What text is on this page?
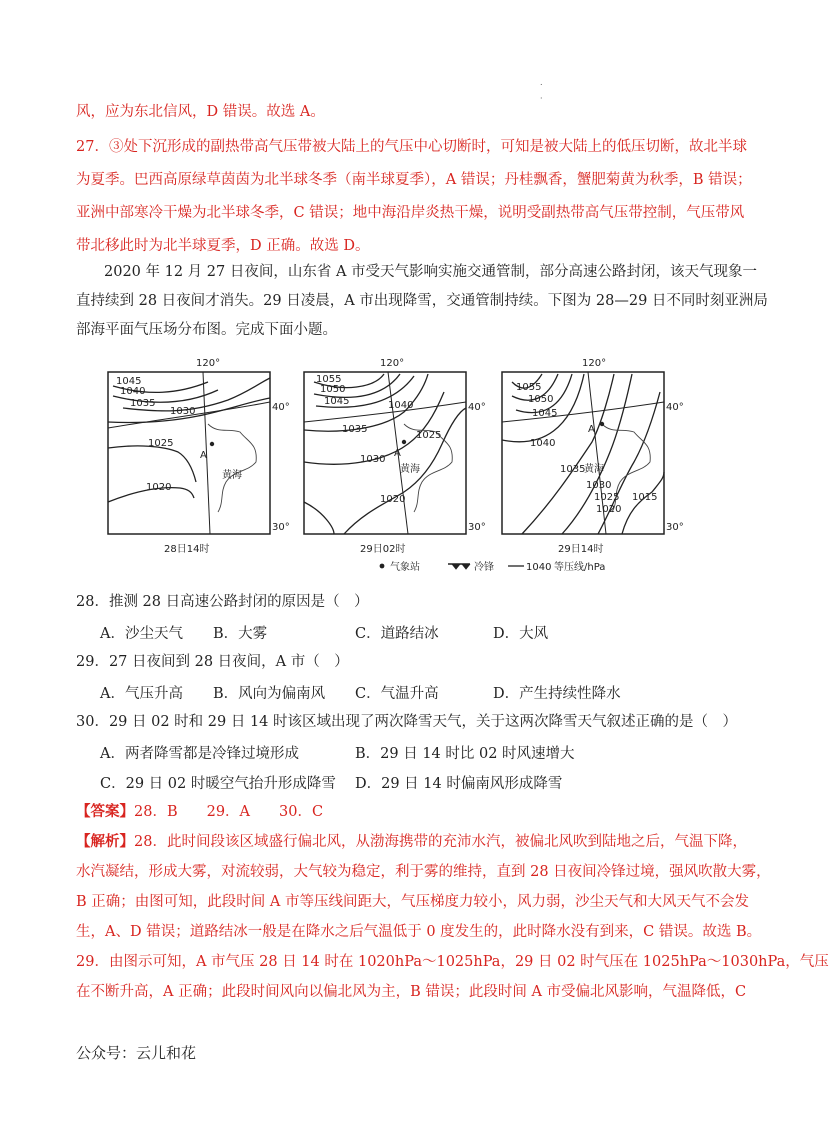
.
·
风，应为东北信风，D 错误。故选 A。
27．③处下沉形成的副热带高气压带被大陆上的气压中心切断时，可知是被大陆上的低压切断，故北半球
为夏季。巴西高原绿草茵茵为北半球冬季（南半球夏季），A 错误；丹桂飘香，蟹肥菊黄为秋季，B 错误；
亚洲中部寒冷干燥为北半球冬季，C 错误；地中海沿岸炎热干燥，说明受副热带高气压带控制，气压带风
带北移此时为北半球夏季，D 正确。故选 D。
2020 年 12 月 27 日夜间，山东省 A 市受天气影响实施交通管制，部分高速公路封闭，该天气现象一
直持续到 28 日夜间才消失。29 日凌晨，A 市出现降雪，交通管制持续。下图为 28—29 日不同时刻亚洲局
部海平面气压场分布图。完成下面小题。
120°
40°
30°
1045
1040
1035
1030
1025
1020
黄海
A
28日14时
120°
40°
30°
1055
1050
1045	1040
1035
1030
1025
1020
黄海
A
29日02时
120°
40°
30°
1055
1050
1045
1040
1035
1030
1025
1020
1015
黄海
A
29日14时
气象站	冷锋	1040 等压线/hPa
28．推测 28 日高速公路封闭的原因是（　）
A．沙尘天气 B．大雾	C．道路结冰	D．大风
29．27 日夜间到 28 日夜间，A 市（　）
A．气压升高 B．风向为偏南风 C．气温升高	D．产生持续性降水
30．29 日 02 时和 29 日 14 时该区域出现了两次降雪天气，关于这两次降雪天气叙述正确的是（　）
A．两者降雪都是冷锋过境形成	B．29 日 14 时比 02 时风速增大
C．29 日 02 时暖空气抬升形成降雪 D．29 日 14 时偏南风形成降雪
【答案】28．B　　29．A　　30．C
【解析】28．此时间段该区域盛行偏北风，从渤海携带的充沛水汽，被偏北风吹到陆地之后，气温下降，
水汽凝结，形成大雾，对流较弱，大气较为稳定，利于雾的维持，直到 28 日夜间冷锋过境，强风吹散大雾，
B 正确；由图可知，此段时间 A 市等压线间距大，气压梯度力较小，风力弱，沙尘天气和大风天气不会发
生，A、D 错误；道路结冰一般是在降水之后气温低于 0 度发生的，此时降水没有到来，C 错误。故选 B。
29．由图示可知，A 市气压 28 日 14 时在 1020hPa～1025hPa，29 日 02 时气压在 1025hPa～1030hPa，气压
在不断升高，A 正确；此段时间风向以偏北风为主，B 错误；此段时间 A 市受偏北风影响，气温降低，C
公众号：云儿和花
